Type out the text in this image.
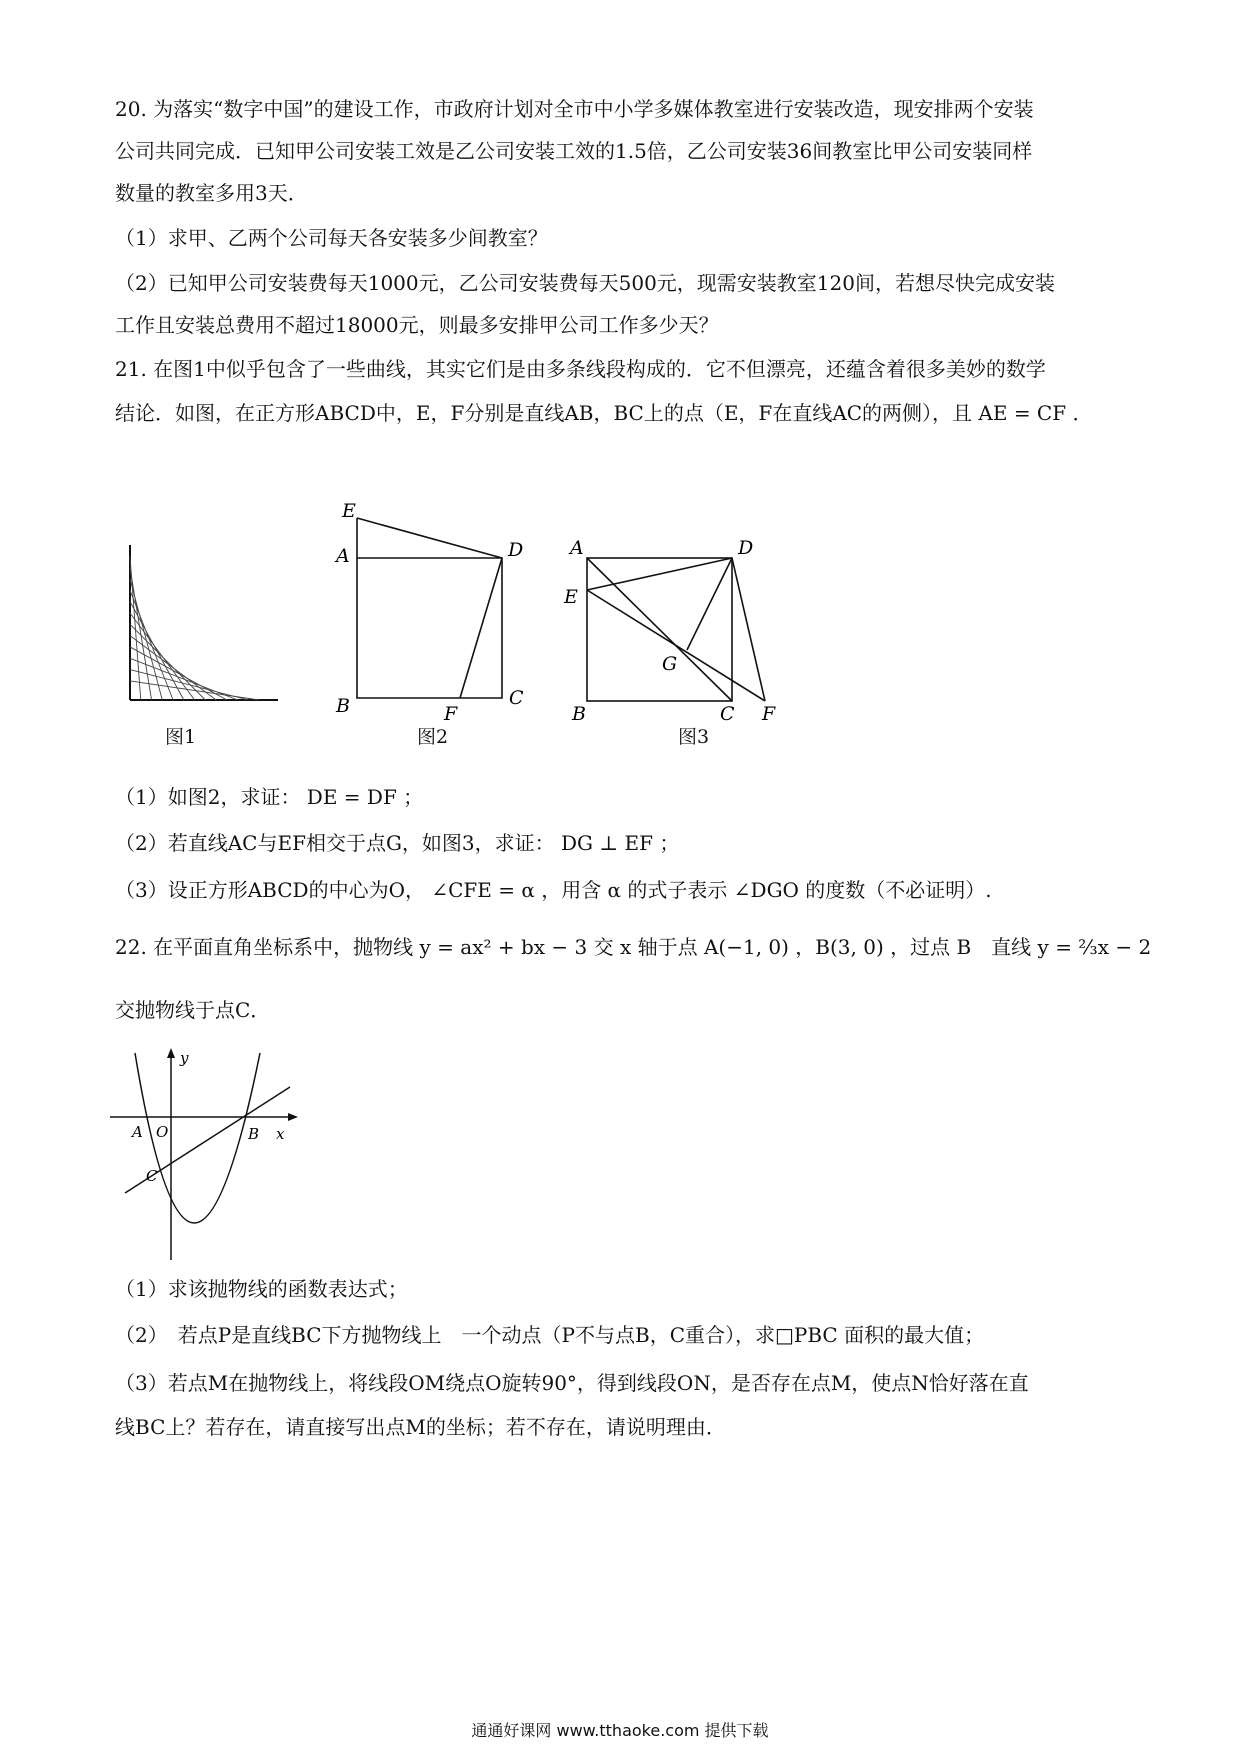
20. 为落实“数字中国”的建设工作，市政府计划对全市中小学多媒体教室进行安装改造，现安排两个安装
公司共同完成．已知甲公司安装工效是乙公司安装工效的1.5倍，乙公司安装36间教室比甲公司安装同样
数量的教室多用3天．
（1）求甲、乙两个公司每天各安装多少间教室？
（2）已知甲公司安装费每天1000元，乙公司安装费每天500元，现需安装教室120间，若想尽快完成安装
工作且安装总费用不超过18000元，则最多安排甲公司工作多少天？
21. 在图1中似乎包含了一些曲线，其实它们是由多条线段构成的．它不但漂亮，还蕴含着很多美妙的数学
结论．如图，在正方形ABCD中，E，F分别是直线AB，BC上的点（E，F在直线AC的两侧），且 AE = CF ．
图1
E
A	D
B	F
C
图2
A	D
E
G
B	C F
图3
（1）如图2，求证： DE = DF ；
（2）若直线AC与EF相交于点G，如图3，求证： DG ⊥ EF ；
（3）设正方形ABCD的中心为O， ∠CFE = α ，用含 α 的式子表示 ∠DGO 的度数（不必证明）.
22. 在平面直角坐标系中，抛物线 y = ax² + bx − 3 交 x 轴于点 A(−1, 0) ，B(3, 0) ，过点 B　直线 y = ⅔x − 2
交抛物线于点C．
y
x
A O	B
C
（1）求该抛物线的函数表达式；
（2）　若点P是直线BC下方抛物线上　一个动点（P不与点B，C重合），求□PBC 面积的最大值；
（3）若点M在抛物线上，将线段OM绕点O旋转90°，得到线段ON，是否存在点M，使点N恰好落在直
线BC上？若存在，请直接写出点M的坐标；若不存在，请说明理由．
通通好课网 www.tthaoke.com 提供下载
